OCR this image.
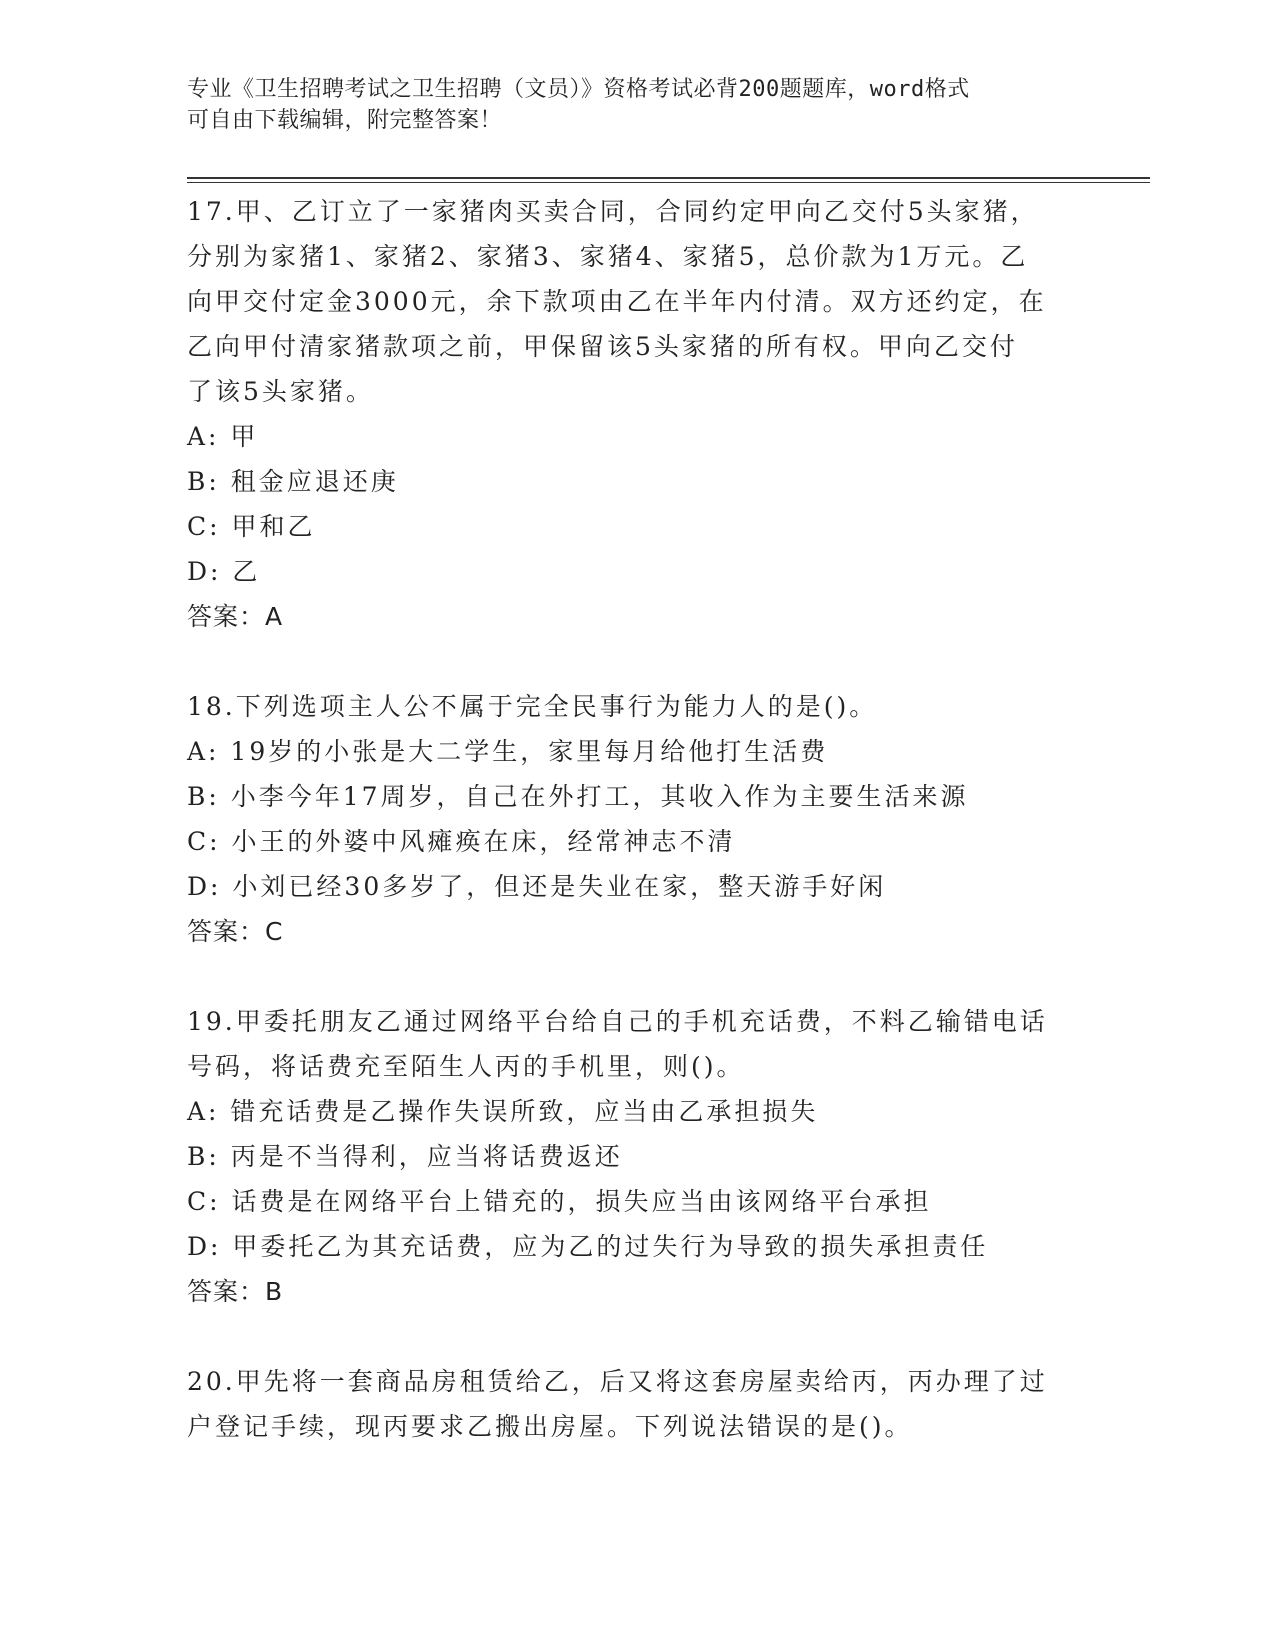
专业《卫生招聘考试之卫生招聘（文员）》资格考试必背200题题库，word格式
可自由下载编辑，附完整答案！

17.甲、乙订立了一家猪肉买卖合同，合同约定甲向乙交付5头家猪，

分别为家猪1、家猪2、家猪3、家猪4、家猪5，总价款为1万元。乙

向甲交付定金3000元，余下款项由乙在半年内付清。双方还约定，在

乙向甲付清家猪款项之前，甲保留该5头家猪的所有权。甲向乙交付

了该5头家猪。

A: 甲

B: 租金应退还庚

C: 甲和乙

D: 乙

答案：A

18.下列选项主人公不属于完全民事行为能力人的是()。

A: 19岁的小张是大二学生，家里每月给他打生活费

B: 小李今年17周岁，自己在外打工，其收入作为主要生活来源

C: 小王的外婆中风瘫痪在床，经常神志不清

D: 小刘已经30多岁了，但还是失业在家，整天游手好闲

答案：C

19.甲委托朋友乙通过网络平台给自己的手机充话费，不料乙输错电话

号码，将话费充至陌生人丙的手机里，则()。

A: 错充话费是乙操作失误所致，应当由乙承担损失

B: 丙是不当得利，应当将话费返还

C: 话费是在网络平台上错充的，损失应当由该网络平台承担

D: 甲委托乙为其充话费，应为乙的过失行为导致的损失承担责任

答案：B

20.甲先将一套商品房租赁给乙，后又将这套房屋卖给丙，丙办理了过

户登记手续，现丙要求乙搬出房屋。下列说法错误的是()。
